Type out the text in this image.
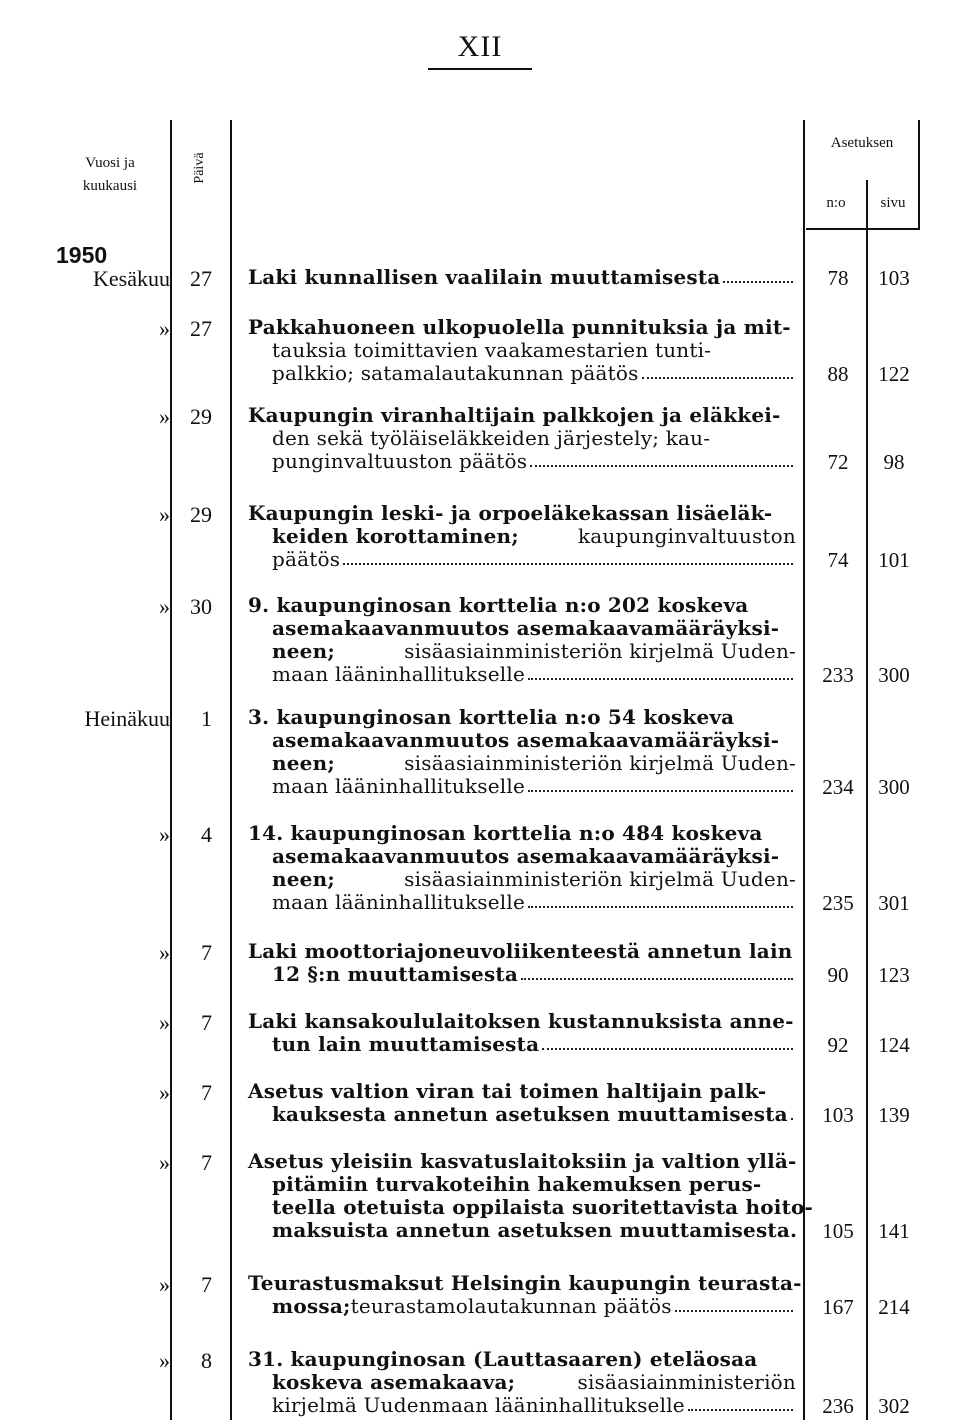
XII
Vuosi ja kuukausi
Päivä
Asetuksen
n:o	sivu
1950
Kesäkuu 27 Laki kunnallisen vaalilain muuttamisesta	78	103
» 27 Pakkahuoneen ulkopuolella punnituksia ja mit-
tauksia toimittavien vaakamestarien tunti-
palkkio; satamalautakunnan päätös	88	122
» 29 Kaupungin viranhaltijain palkkojen ja eläkkei-
den sekä työläiseläkkeiden järjestely; kau-
punginvaltuuston päätös	72	98
» 29 Kaupungin leski- ja orpoeläkekassan lisäeläk-
keiden korottaminen;	kaupunginvaltuuston
päätös	74	101
» 30 9. kaupunginosan korttelia n:o 202 koskeva
asemakaavanmuutos asemakaavamääräyksi-
neen;	sisäasiainministeriön kirjelmä Uuden-
maan lääninhallitukselle	233	300
Heinäkuu 1 3. kaupunginosan korttelia n:o 54 koskeva
asemakaavanmuutos asemakaavamääräyksi-
neen;	sisäasiainministeriön kirjelmä Uuden-
maan lääninhallitukselle	234	300
» 4 14. kaupunginosan korttelia n:o 484 koskeva
asemakaavanmuutos asemakaavamääräyksi-
neen;	sisäasiainministeriön kirjelmä Uuden-
maan lääninhallitukselle	235	301
» 7 Laki moottoriajoneuvoliikenteestä annetun lain
12 §:n muuttamisesta	90	123
» 7 Laki kansakoululaitoksen kustannuksista anne-
tun lain muuttamisesta	92	124
» 7 Asetus valtion viran tai toimen haltijain palk-
kauksesta annetun asetuksen muuttamisesta	103	139
» 7 Asetus yleisiin kasvatuslaitoksiin ja valtion yllä-
pitämiin turvakoteihin hakemuksen perus-
teella otetuista oppilaista suoritettavista hoito-
maksuista annetun asetuksen muuttamisesta.	105	141
» 7 Teurastusmaksut Helsingin kaupungin teurasta-
mossa; teurastamolautakunnan päätös	167	214
» 8 31. kaupunginosan (Lauttasaaren) eteläosaa
koskeva asemakaava;	sisäasiainministeriön
kirjelmä Uudenmaan lääninhallitukselle	236	302
